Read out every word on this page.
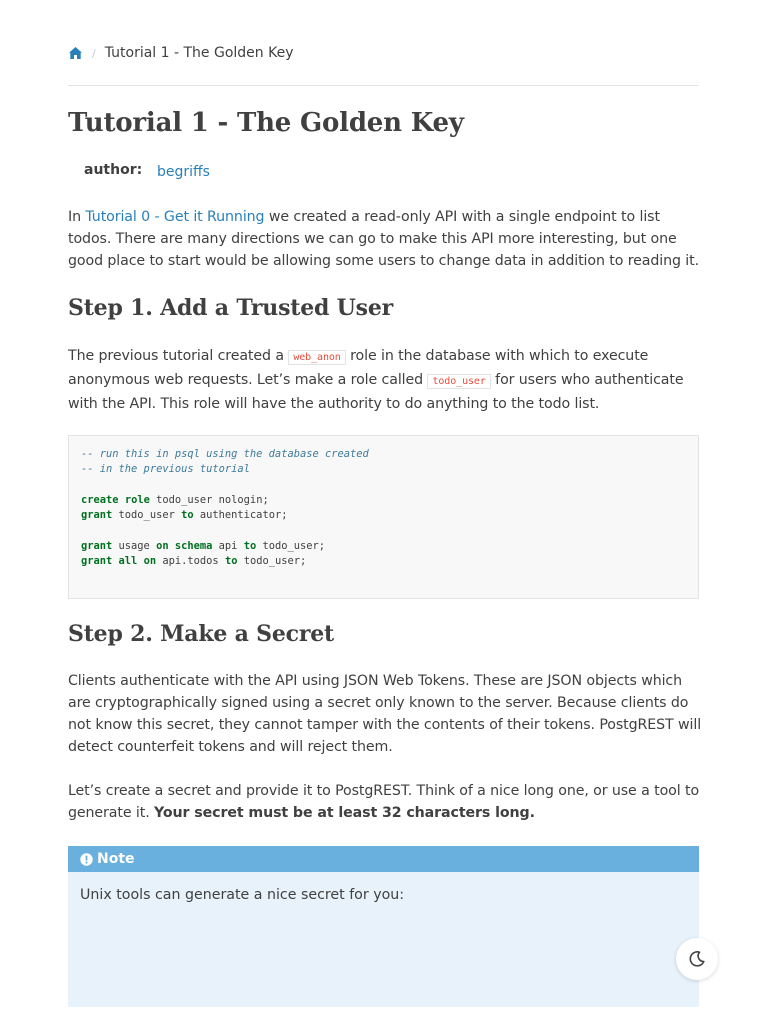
/ Tutorial 1 - The Golden Key
Tutorial 1 - The Golden Key
author:	begriffs

In Tutorial 0 - Get it Running we created a read-only API with a single endpoint to list todos. There are many directions we can go to make this API more interesting, but one good place to start would be allowing some users to change data in addition to reading it.

Step 1. Add a Trusted User

The previous tutorial created a web_anon role in the database with which to execute anonymous web requests. Let’s make a role called todo_user for users who authenticate with the API. This role will have the authority to do anything to the todo list.

-- run this in psql using the database created
-- in the previous tutorial

create role todo_user nologin;
grant todo_user to authenticator;

grant usage on schema api to todo_user;
grant all on api.todos to todo_user;
Step 2. Make a Secret

Clients authenticate with the API using JSON Web Tokens. These are JSON objects which are cryptographically signed using a secret only known to the server. Because clients do not know this secret, they cannot tamper with the contents of their tokens. PostgREST will detect counterfeit tokens and will reject them.

Let’s create a secret and provide it to PostgREST. Think of a nice long one, or use a tool to generate it. Your secret must be at least 32 characters long.

Note
Unix tools can generate a nice secret for you:
